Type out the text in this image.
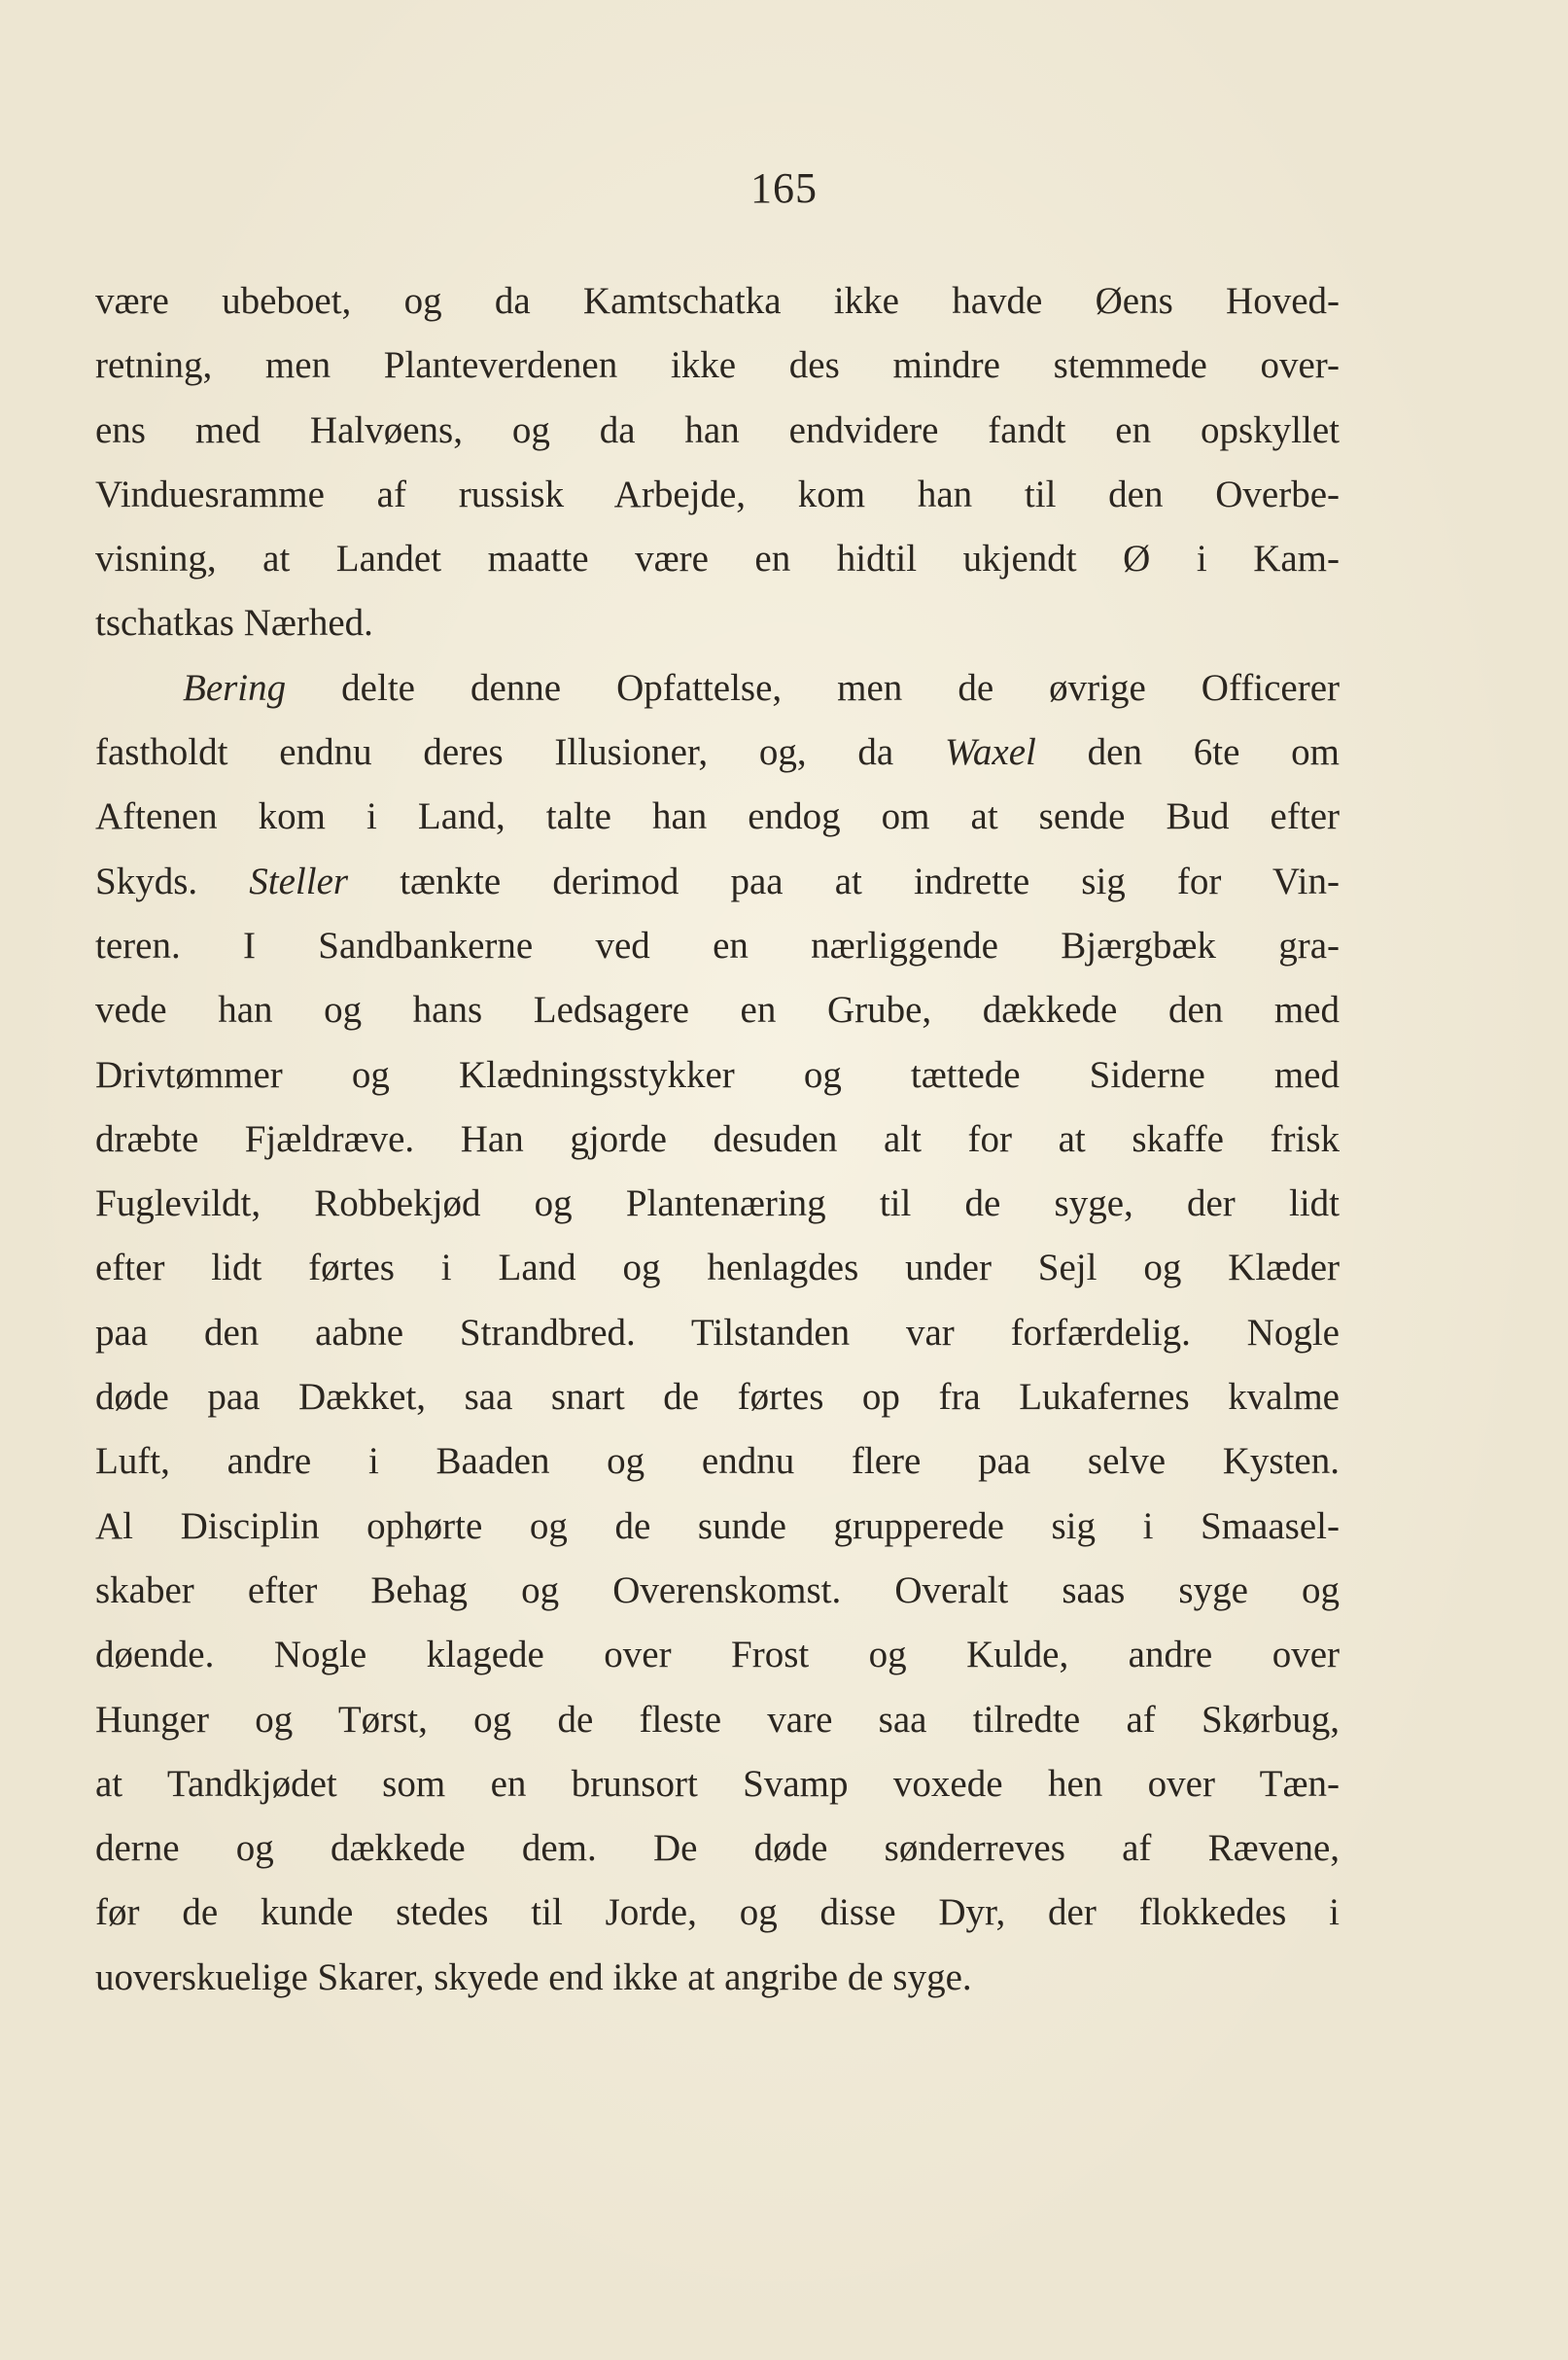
165
være ubeboet, og da Kamtschatka ikke havde Øens Hoved-
retning, men Planteverdenen ikke des mindre stemmede over-
ens med Halvøens, og da han endvidere fandt en opskyllet
Vinduesramme af russisk Arbejde, kom han til den Overbe-
visning, at Landet maatte være en hidtil ukjendt Ø i Kam-
tschatkas Nærhed.
Bering delte denne Opfattelse, men de øvrige Officerer
fastholdt endnu deres Illusioner, og, da Waxel den 6te om
Aftenen kom i Land, talte han endog om at sende Bud efter
Skyds. Steller tænkte derimod paa at indrette sig for Vin-
teren. I Sandbankerne ved en nærliggende Bjærgbæk gra-
vede han og hans Ledsagere en Grube, dækkede den med
Drivtømmer og Klædningsstykker og tættede Siderne med
dræbte Fjældræve. Han gjorde desuden alt for at skaffe frisk
Fuglevildt, Robbekjød og Plantenæring til de syge, der lidt
efter lidt førtes i Land og henlagdes under Sejl og Klæder
paa den aabne Strandbred. Tilstanden var forfærdelig. Nogle
døde paa Dækket, saa snart de førtes op fra Lukafernes kvalme
Luft, andre i Baaden og endnu flere paa selve Kysten.
Al Disciplin ophørte og de sunde grupperede sig i Smaasel-
skaber efter Behag og Overenskomst. Overalt saas syge og
døende. Nogle klagede over Frost og Kulde, andre over
Hunger og Tørst, og de fleste vare saa tilredte af Skørbug,
at Tandkjødet som en brunsort Svamp voxede hen over Tæn-
derne og dækkede dem. De døde sønderreves af Rævene,
før de kunde stedes til Jorde, og disse Dyr, der flokkedes i
uoverskuelige Skarer, skyede end ikke at angribe de syge.
